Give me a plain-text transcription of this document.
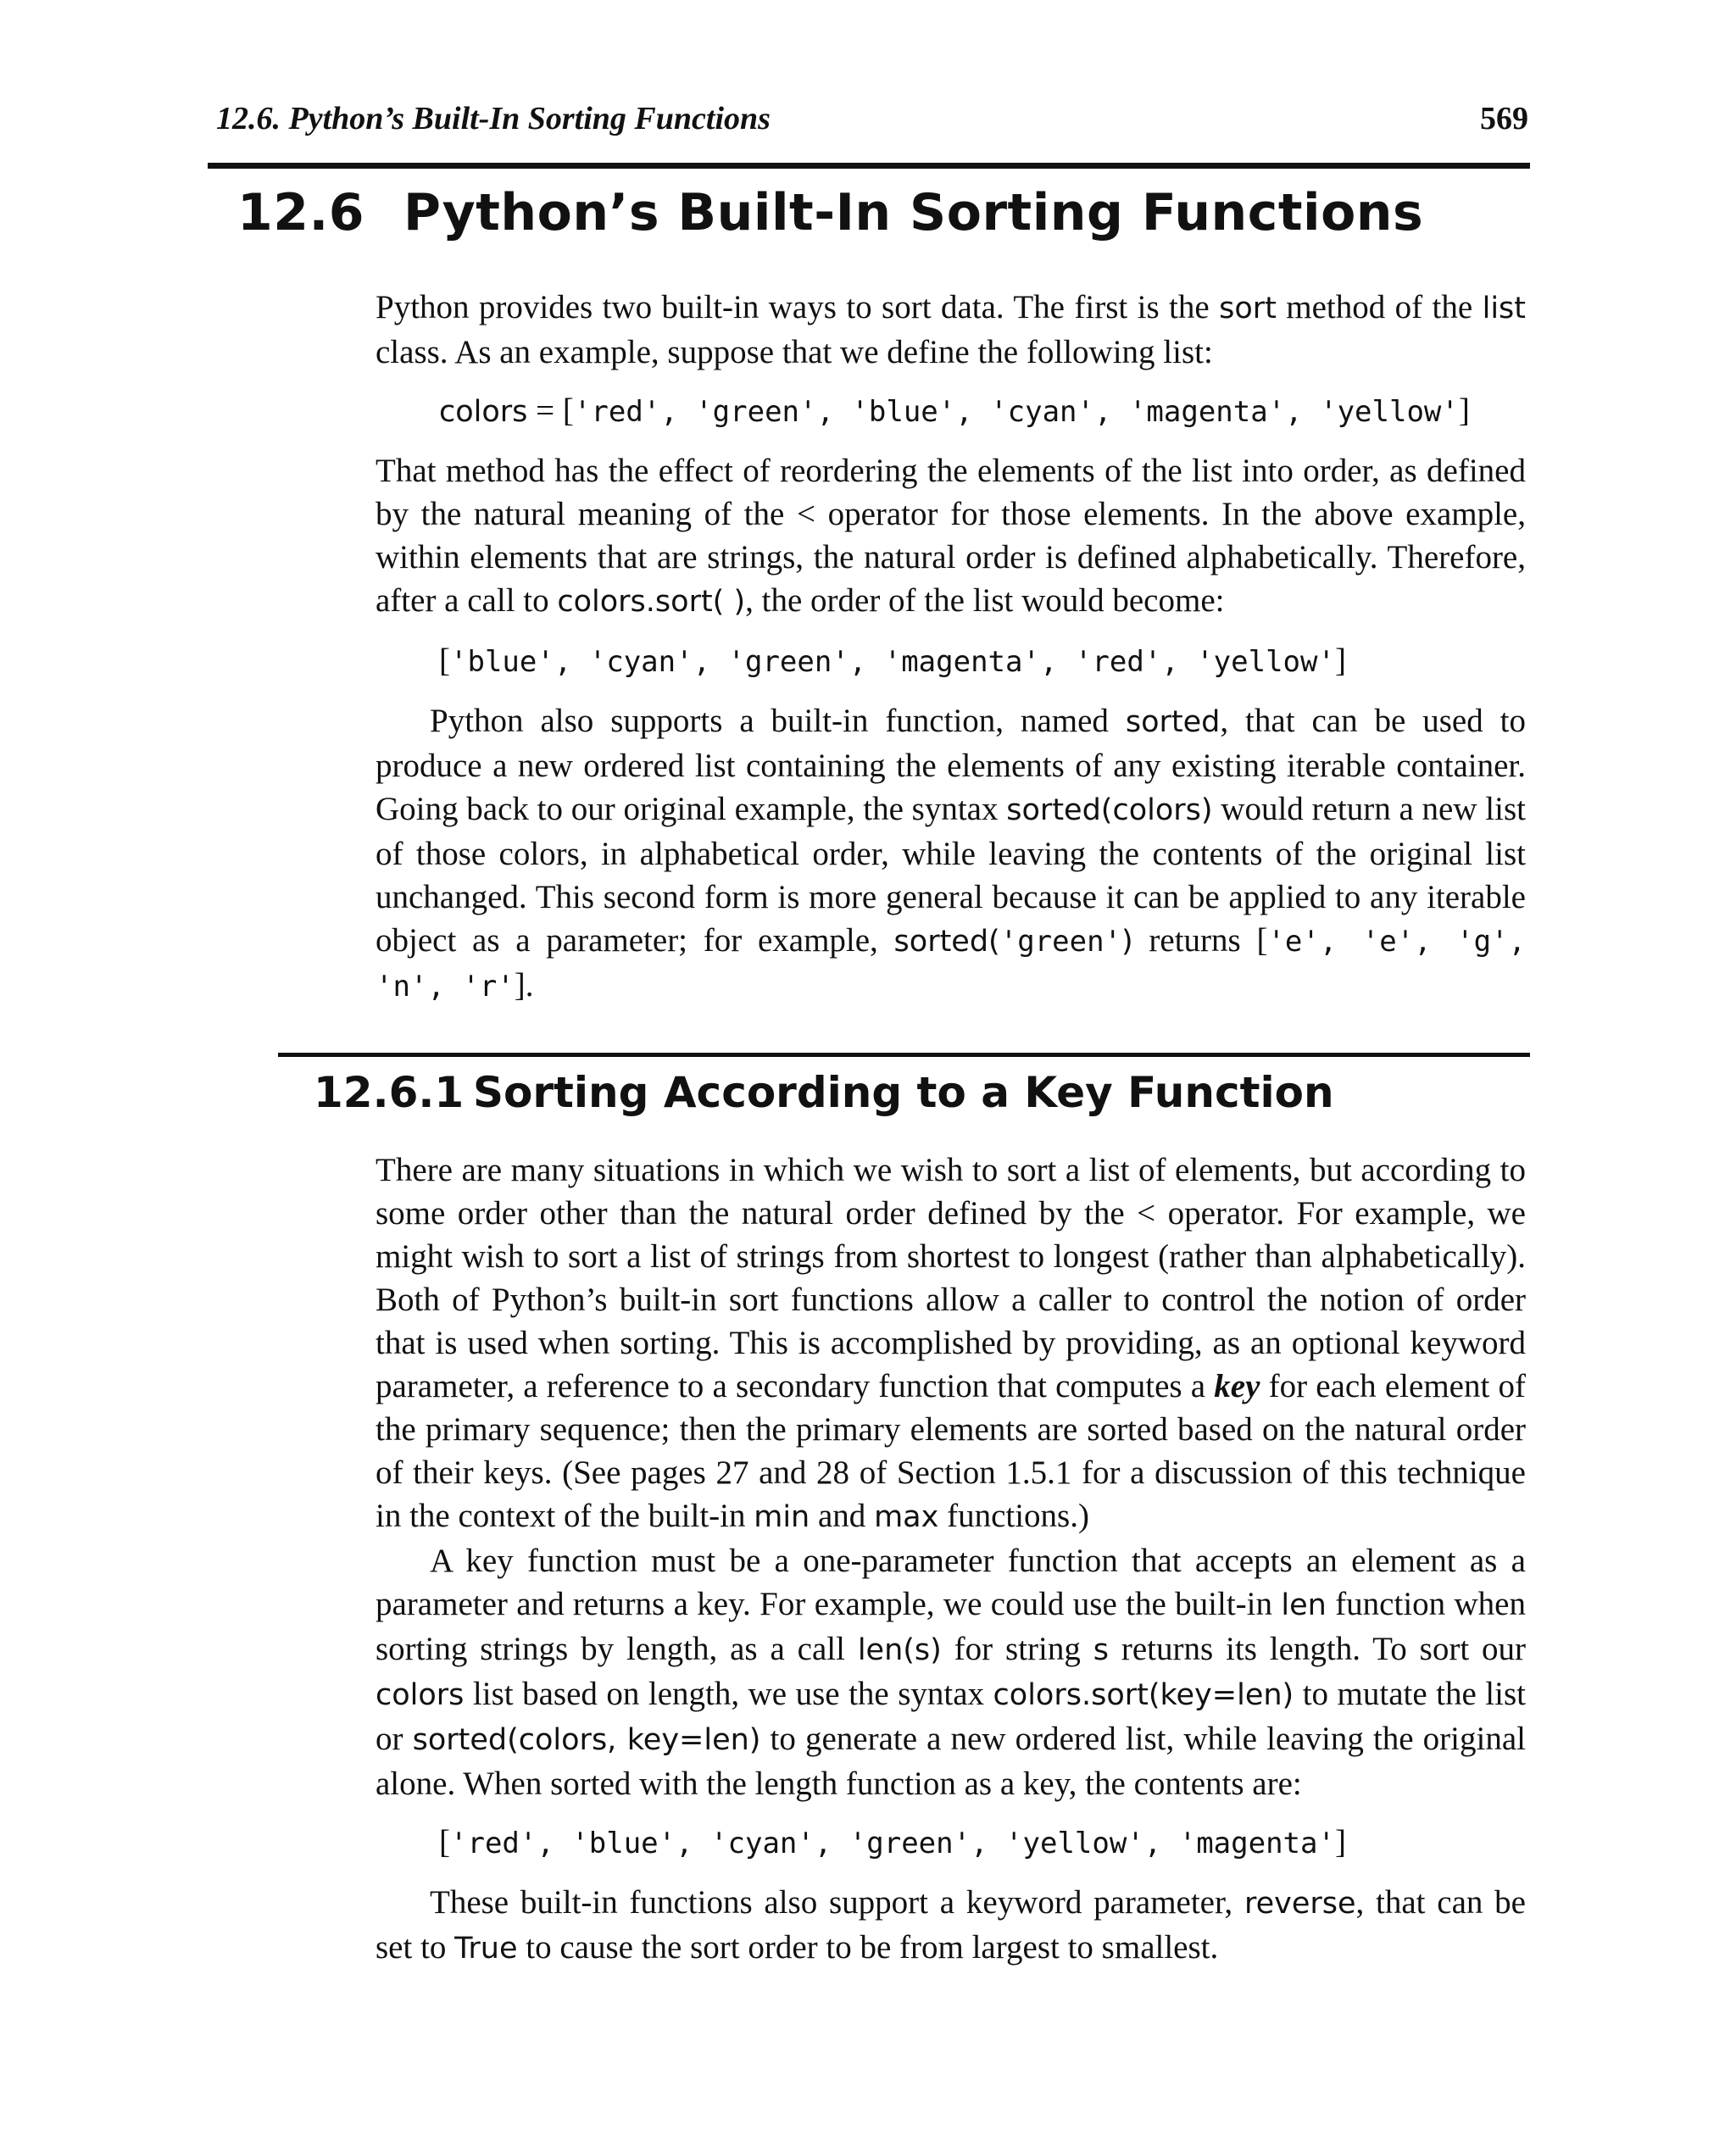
12.6. Python’s Built-In Sorting Functions	569
12.6 Python’s Built-In Sorting Functions

Python provides two built-in ways to sort data. The first is the sort method of the list class. As an example, suppose that we define the following list:

colors = ['red', 'green', 'blue', 'cyan', 'magenta', 'yellow']

That method has the effect of reordering the elements of the list into order, as defined by the natural meaning of the < operator for those elements. In the above example, within elements that are strings, the natural order is defined alphabetically. Therefore, after a call to colors.sort( ), the order of the list would become:

['blue', 'cyan', 'green', 'magenta', 'red', 'yellow']

Python also supports a built-in function, named sorted, that can be used to produce a new ordered list containing the elements of any existing iterable container. Going back to our original example, the syntax sorted(colors) would return a new list of those colors, in alphabetical order, while leaving the contents of the original list unchanged. This second form is more general because it can be applied to any iterable object as a parameter; for example, sorted('green') returns ['e', 'e', 'g', 'n', 'r'].

12.6.1 Sorting According to a Key Function

There are many situations in which we wish to sort a list of elements, but according to some order other than the natural order defined by the < operator. For example, we might wish to sort a list of strings from shortest to longest (rather than alphabetically). Both of Python’s built-in sort functions allow a caller to control the notion of order that is used when sorting. This is accomplished by providing, as an optional keyword parameter, a reference to a secondary function that computes a key for each element of the primary sequence; then the primary elements are sorted based on the natural order of their keys. (See pages 27 and 28 of Section 1.5.1 for a discussion of this technique in the context of the built-in min and max functions.)

A key function must be a one-parameter function that accepts an element as a parameter and returns a key. For example, we could use the built-in len function when sorting strings by length, as a call len(s) for string s returns its length. To sort our colors list based on length, we use the syntax colors.sort(key=len) to mutate the list or sorted(colors, key=len) to generate a new ordered list, while leaving the original alone. When sorted with the length function as a key, the contents are:

['red', 'blue', 'cyan', 'green', 'yellow', 'magenta']

These built-in functions also support a keyword parameter, reverse, that can be set to True to cause the sort order to be from largest to smallest.
